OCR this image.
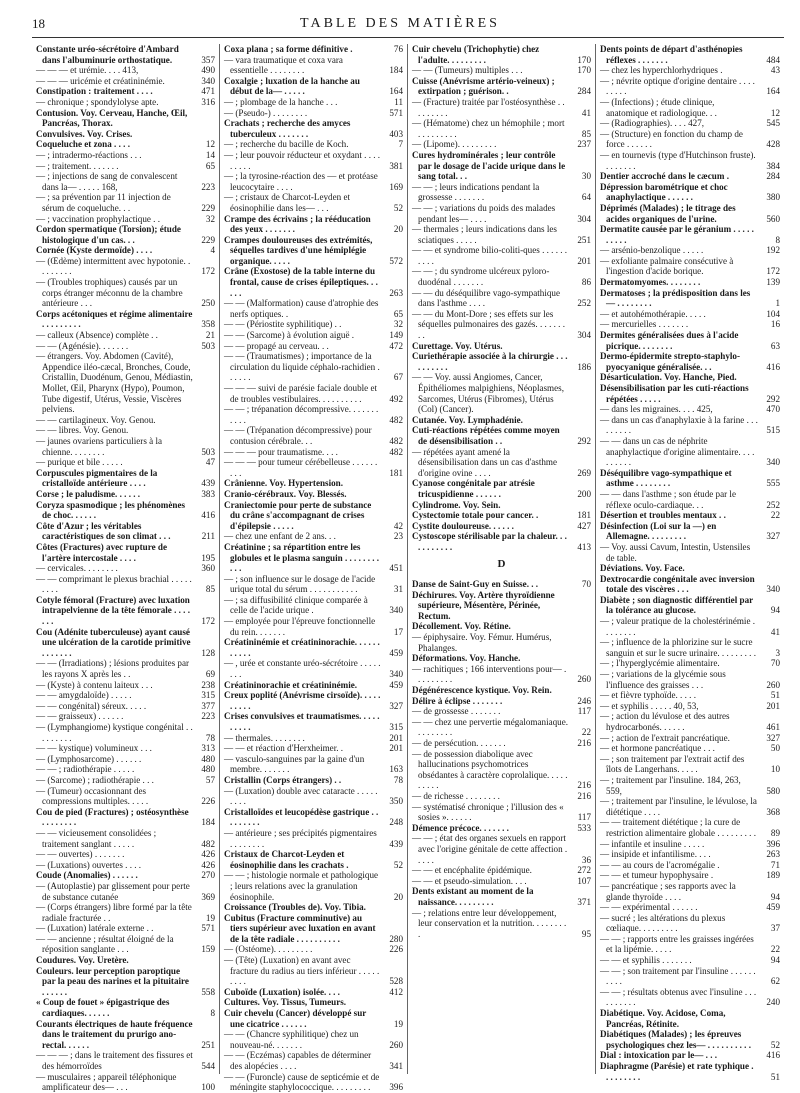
18	TABLE DES MATIÈRES
Constante uréo-sécrétoire d'Ambard dans l'albuminurie orthostatique.	357
— — — et urémie. . . . 413,	490
— — — uricémie et créatininémie.	340
Constipation : traitement . . . .	471
— chronique ; spondylolyse apte.	316
Contusion. Voy. Cerveau, Hanche, Œil, Pancréas, Thorax.
Convulsives. Voy. Crises.
Coqueluche et zona . . . .	12
— ; intradermo-réactions . . .	14
— ; traitement. . . . . . .	65
— ; injections de sang de convalescent dans la— . . . . . 168,	223
— ; sa prévention par 11 injection de sérum de coqueluche. . .	229
— ; vaccination prophylactique . .	32
Cordon spermatique (Torsion); étude histologique d'un cas. . .	229
Cornée (Kyste dermoïde) . . . .	4
— (Œdème) intermittent avec hypotonie. . . . . . . . .	172
— (Troubles trophiques) causés par un corps étranger méconnu de la chambre antérieure . . .	250
Corps acétoniques et régime alimentaire . . . . . . . . .	358
— calleux (Absence) complète . .	21
— — (Agénésie). . . . . . .	503
— étrangers. Voy. Abdomen (Cavité), Appendice iléo-cæcal, Bronches, Coude, Cristallin, Duodénum, Genou, Médiastin, Mollet, Œil, Pharynx (Hypo), Poumon, Tube digestif, Utérus, Vessie, Viscères pelviens.
— — cartilagineux. Voy. Genou.
— — libres. Voy. Genou.
— jaunes ovariens particuliers à la chienne. . . . . . . .	503
— purique et bile . . . . .	47
Corpuscules pigmentaires de la cristalloïde antérieure . . . .	439
Corse ; le paludisme. . . . . .	383
Coryza spasmodique ; les phénomènes de choc. . . . . .	416
Côte d'Azur ; les véritables caractéristiques de son climat . . .	211
Côtes (Fractures) avec rupture de l'artère intercostale . . . .	195
— cervicales. . . . . . . .	360
— — comprimant le plexus brachial . . . . . . . . .	85
Cotyle fémoral (Fracture) avec luxation intrapelvienne de la tête fémorale . . . . . . .	172
Cou (Adénite tuberculeuse) ayant causé une ulcération de la carotide primitive . . . . . . .	128
— — (Irradiations) ; lésions produites par les rayons X après les . .	69
— (Kyste) à contenu laiteux . . .	238
— — amygdaloïde) . . . . .	315
— — congénital) séreux. . . . .	377
— — graisseux) . . . . . .	223
— (Lymphangiome) kystique congénital . . . . . . . . .	78
— — kystique) volumineux . . .	313
— (Lymphosarcome) . . . . . .	480
— — ; radiothérapie . . . . .	480
— (Sarcome) ; radiothérapie . . .	57
— (Tumeur) occasionnant des compressions multiples. . . . .	226
Cou de pied (Fractures) ; ostéosynthèse . . . . . . . .	184
— — vicieusement consolidées ; traitement sanglant . . . . .	482
— — ouvertes) . . . . . . .	426
— (Luxations) ouvertes . . . .	426
Coude (Anomalies) . . . . . .	270
— (Autoplastie) par glissement pour perte de substance cutanée	369
— (Corps étrangers) libre formé par la tête radiale fracturée . .	19
— (Luxation) latérale externe . .	571
— — ancienne ; résultat éloigné de la réposition sanglante . . .	159
Coudures. Voy. Uretère.
Couleurs. leur perception paroptique par la peau des narines et la pituitaire . . . . . .	558
« Coup de fouet » épigastrique des cardiaques. . . . . .	8
Courants électriques de haute fréquence dans le traitement du prurigo ano-rectal. . . . . .	251
— — — ; dans le traitement des fissures et des hémorroïdes	544
— musculaires ; appareil téléphonique amplificateur des— . . .	100
Coxa plana ; sa forme définitive .	76
— vara traumatique et coxa vara essentielle . . . . . . . .	184
Coxalgie ; luxation de la hanche au début de la— . . . . .	164
— ; plombage de la hanche . . .	11
— (Pseudo-) . . . . . . . .	571
Crachats ; recherche des amyces tuberculeux . . . . . . .	403
— ; recherche du bacille de Koch.	7
— ; leur pouvoir réducteur et oxydant . . . . . . . . .	381
— ; la tyrosine-réaction des — et protéase leucocytaire . . . .	169
— ; cristaux de Charcot-Leyden et éosinophilie dans les— . . .	52
Crampe des écrivains ; la rééducation des yeux . . . . . . .	20
Crampes douloureuses des extrémités, séquelles tardives d'une hémiplégie organique. . . . .	572
Crâne (Exostose) de la table interne du frontal, cause de crises épileptiques. . . . . .	263
— — (Malformation) cause d'atrophie des nerfs optiques. .	65
— — (Périostite syphilitique) . .	32
— — (Sarcome) à évolution aiguë .	149
— — propagé au cerveau. . .	472
— — (Traumatismes) ; importance de la circulation du liquide céphalo-rachidien . . . . . .	67
— — — suivi de parésie faciale double et de troubles vestibulaires. . . . . . . . . .	492
— — ; trépanation décompressive. . . . . . . . . . .	482
— — (Trépanation décompressive) pour contusion cérébrale. . .	482
— — — pour traumatisme. . . .	482
— — — pour tumeur cérébelleuse . . . . . . . . .	181
Crânienne. Voy. Hypertension.
Cranio-cérébraux. Voy. Blessés.
Craniectomie pour perte de substance du crâne s'accompagnant de crises d'épilepsie . . . . .	42
— chez une enfant de 2 ans. . .	23
Créatinine ; sa répartition entre les globules et le plasma sanguin . . . . . . . . . . .	451
— ; son influence sur le dosage de l'acide urique total du sérum . . . . . . . . . . .	31
— ; sa diffusibilité clinique comparée à celle de l'acide urique .	340
— employée pour l'épreuve fonctionnelle du rein. . . . . . .	17
Créatininémie et créatininorachie. . . . . . . . . . .	459
— , urée et constante uréo-sécrétoire . . . . . . . .	340
Créatininorachie et créatininémie.	459
Creux poplité (Anévrisme cirsoïde). . . . . . . . . .	327
Crises convulsives et traumatismes. . . . . . . . . .	315
— thermales. . . . . . . .	201
— — et réaction d'Herxheimer. .	201
— vasculo-sanguines par la gaine d'un membre. . . . . . .	163
Cristallin (Corps étrangers) . .	78
— (Luxation) double avec cataracte . . . . . . . . .	350
Cristalloïdes et leucopédèse gastrique . . . . . . . . .	248
— antérieure ; ses précipités pigmentaires . . . . . . . .	439
Cristaux de Charcot-Leyden et éosinophilie dans les crachats .	52
— — ; histologie normale et pathologique ; leurs relations avec la granulation éosinophile.	20
Croissance (Troubles de). Voy. Tibia.
Cubitus (Fracture comminutive) au tiers supérieur avec luxation en avant de la tête radiale . . . . . . . . . .	280
— (Ostéome). . . . . . . . .	226
— (Tête) (Luxation) en avant avec fracture du radius au tiers inférieur . . . . . . . . .	528
Cuboïde (Luxation) isolée. . . .	412
Cultures. Voy. Tissus, Tumeurs.
Cuir chevelu (Cancer) développé sur une cicatrice . . . . . .	19
— — (Chancre syphilitique) chez un nouveau-né. . . . . . .	260
— — (Eczémas) capables de déterminer des alopécies . . . .	341
— — (Furoncle) cause de septicémie et de méningite staphylococcique. . . . . . . . . 396
Cuir chevelu (Trichophytie) chez l'adulte. . . . . . . . .	170
— — (Tumeurs) multiples . . .	170
Cuisse (Anévrisme artério-veineux) ; extirpation ; guérison. .	284
— (Fracture) traitée par l'ostéosynthèse . . . . . . . . .	41
— (Hématome) chez un hémophile ; mort . . . . . . . . .	85
— (Lipome). . . . . . . . .	237
Cures hydrominérales ; leur contrôle par le dosage de l'acide urique dans le sang total. . .	30
— — ; leurs indications pendant la grossesse . . . . . . .	64
— — ; variations du poids des malades pendant les— . . . .	304
— thermales ; leurs indications dans les sciatiques . . . . .	251
— — et syndrome bilio-coliti-ques . . . . . . . . . .	201
— — ; du syndrome ulcéreux pyloro-duodénal . . . . . . .	86
— — du déséquilibre vago-sympathique dans l'asthme . . . .	252
— — du Mont-Dore ; ses effets sur les séquelles pulmonaires des gazés. . . . . . . . .	304
Curettage. Voy. Utérus.
Curiethérapie associée à la chirurgie . . . . . . . . . .	186
— — Voy. aussi Angiomes, Cancer, Épithéliomes malpighiens, Néoplasmes, Sarcomes, Utérus (Fibromes), Utérus (Col) (Cancer).
Cutanée. Voy. Lymphadénie.
Cuti-réactions répétées comme moyen de désensibilisation . .	292
— répétées ayant amené la désensibilisation dans un cas d'asthme d'origine ovine . . . .	269
Cyanose congénitale par atrésie tricuspidienne . . . . . .	200
Cylindrome. Voy. Sein.
Cystectomie totale pour cancer. .	181
Cystite douloureuse. . . . . .	427
Cystoscope stérilisable par la chaleur. . . . . . . . . . .	413
D
Danse de Saint-Guy en Suisse. . .	70
Déchirures. Voy. Artère thyroïdienne supérieure, Mésentère, Périnée, Rectum.
Décollement. Voy. Rétine.
— épiphysaire. Voy. Fémur. Humérus, Phalanges.
Déformations. Voy. Hanche.
— rachitiques ; 166 interventions pour— . . . . . . . . .	260
Dégénérescence kystique. Voy. Rein.
Délire à éclipse . . . . . . .	246
— de grossesse . . . . . . .	117
— — chez une pervertie mégalomaniaque. . . . . . . . .	22
— de persécution. . . . . . .	216
— de possession diabolique avec hallucinations psychomotrices obsédantes à caractère coprolalique. . . . . . . . . .	216
— de richesse . . . . . . . .	216
— systématisé chronique ; l'illusion des « sosies ». . . . . .	117
Démence précoce. . . . . . .	533
— — ; état des organes sexuels en rapport avec l'origine génitale de cette affection . . . . .	36
— — et encéphalite épidémique.	272
— — et pseudo-simulation. . . .	107
Dents existant au moment de la naissance. . . . . . . . .	371
— ; relations entre leur développement, leur conservation et la nutrition. . . . . . . . .	95
Dents points de départ d'asthénopies réflexes . . . . . . .	484
— chez les hyperchlorhydriques .	43
— ; névrite optique d'origine dentaire . . . . . . . . .	164
— (Infections) ; étude clinique, anatomique et radiologique. . .	12
— (Radiographies). . . . 427,	545
— (Structure) en fonction du champ de force . . . . . .	428
— en tournevis (type d'Hutchinson fruste). . . . . . . .	384
Dentier accroché dans le cæcum .	284
Dépression barométrique et choc anaphylactique . . . . . .	380
Déprimés (Malades) ; le titrage des acides organiques de l'urine.	560
Dermatite causée par le géranium . . . . . . . . . .	8
— arsénio-benzolique . . . . .	192
— exfoliante palmaire consécutive à l'ingestion d'acide borique.	172
Dermatomyomes. . . . . . . .	139
Dermatoses ; la prédisposition dans les— . . . . . . . .	1
— et autohémothérapie. . . . .	104
— mercurielles . . . . . . .	16
Dermites généralisées dues à l'acide picrique. . . . . . . .	63
Dermo-épidermite strepto-staphylo-pyocyanique généralisée. . .	416
Désarticulation. Voy. Hanche, Pied.
Désensibilisation par les cuti-réactions répétées . . . . .	292
— dans les migraines. . . . 425,	470
— dans un cas d'anaphylaxie à la farine . . . . . . . . .	515
— — dans un cas de néphrite anaphylactique d'origine alimentaire. . . . . . . . . .	340
Déséquilibre vago-sympathique et asthme . . . . . . . .	555
— — dans l'asthme ; son étude par le réflexe oculo-cardiaque. . .	252
Désertion et troubles mentaux . .	22
Désinfection (Loi sur la —) en Allemagne. . . . . . . . .	327
— Voy. aussi Cavum, Intestin, Ustensiles de table.
Déviations. Voy. Face.
Dextrocardie congénitale avec inversion totale des viscères . . .	340
Diabète ; son diagnostic différentiel par la tolérance au glucose.	94
— ; valeur pratique de la cholestérinémie . . . . . . . .	41
— ; influence de la phlorizine sur le sucre sanguin et sur le sucre urinaire. . . . . . . . . 3
— ; l'hyperglycémie alimentaire.	70
— ; variations de la glycémie sous l'influence des graisses . . .	260
— et fièvre typhoïde. . . . .	51
— et syphilis . . . . . 40, 53,	201
— ; action du lévulose et des autres hydrocarbonés. . . . . .	461
— ; action de l'extrait pancréatique.	327
— et hormone pancréatique . . .	50
— ; son traitement par l'extrait actif des îlots de Langerhans. . . . .	10
— ; traitement par l'insuline. 184, 263, 559,	580
— ; traitement par l'insuline, le lévulose, la diététique . . . .	368
— — traitement diététique ; la cure de restriction alimentaire globale . . . . . . . . . 89
— infantile et insuline . . . . .	396
— insipide et infantilisme. . . .	263
— — au cours de l'acromégalie .	71
— — et tumeur hypophysaire .	189
— pancréatique ; ses rapports avec la glande thyroïde . . . .	94
— — expérimental . . . . . .	459
— sucré ; les altérations du plexus cœliaque. . . . . . . . .	37
— — ; rapports entre les graisses ingérées et la lipémie. . . . .	22
— — et syphilis . . . . . . .	94
— — ; son traitement par l'insuline . . . . . . . . . .	62
— — ; résultats obtenus avec l'insuline . . . . . . . . . .	240
Diabétique. Voy. Acidose, Coma, Pancréas, Rétinite.
Diabétiques (Malades) ; les épreuves psychologiques chez les— . . . . . . . . . . 52
Dial : intoxication par le— . . .	416
Diaphragme (Parésie) et rate typhique . . . . . . . . .	51
